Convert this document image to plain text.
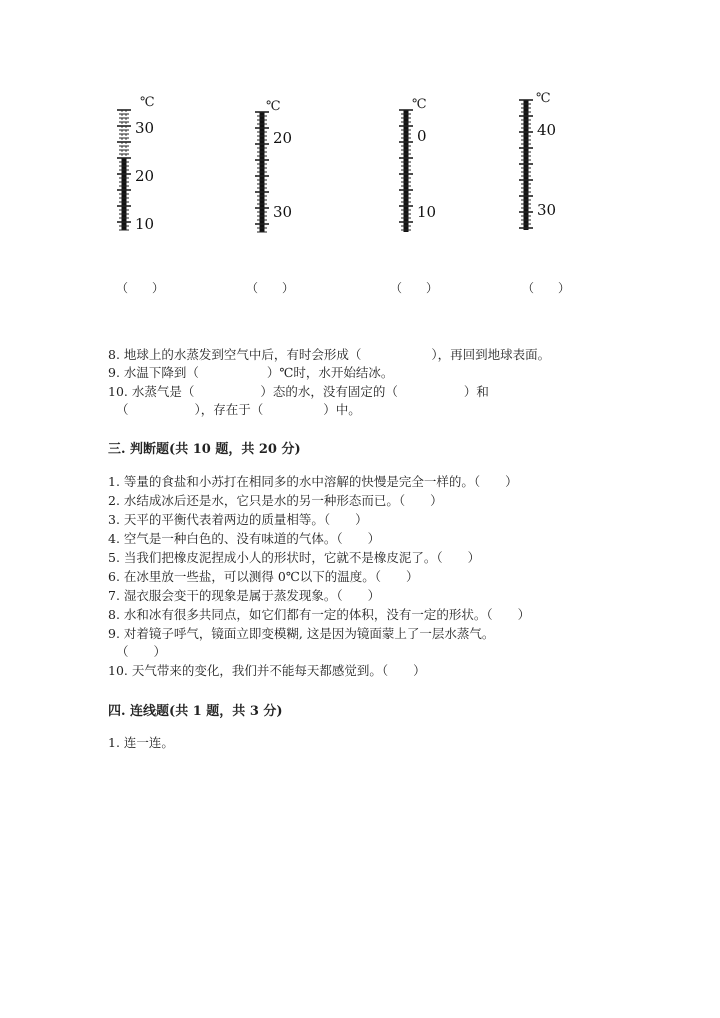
℃
30
20
10
℃
20
30
℃
0
10
℃
40
30
（　　）	（　　）	（　　）	（　　）
8. 地球上的水蒸发到空气中后，有时会形成（	），再回到地球表面。
9. 水温下降到（	）℃时，水开始结冰。
10. 水蒸气是（	）态的水，没有固定的（	）和
（	），存在于（	）中。
三. 判断题(共 10 题，共 20 分)
1. 等量的食盐和小苏打在相同多的水中溶解的快慢是完全一样的。（　　）
2. 水结成冰后还是水，它只是水的另一种形态而已。（　　）
3. 天平的平衡代表着两边的质量相等。（　　）
4. 空气是一种白色的、没有味道的气体。（　　）
5. 当我们把橡皮泥捏成小人的形状时，它就不是橡皮泥了。（　　）
6. 在冰里放一些盐，可以测得 0℃以下的温度。（　　）
7. 湿衣服会变干的现象是属于蒸发现象。（　　）
8. 水和冰有很多共同点，如它们都有一定的体积，没有一定的形状。（　　）
9. 对着镜子呼气，镜面立即变模糊, 这是因为镜面蒙上了一层水蒸气。
（　　）
10. 天气带来的变化，我们并不能每天都感觉到。（　　）
四. 连线题(共 1 题，共 3 分)
1. 连一连。
